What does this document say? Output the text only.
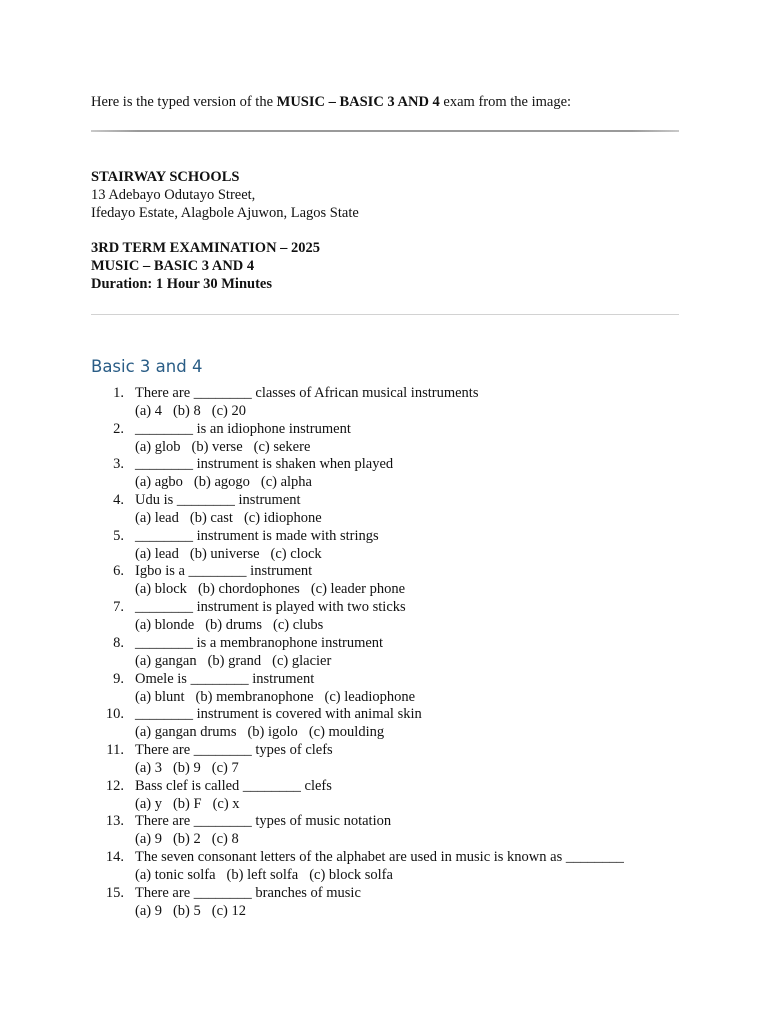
Here is the typed version of the MUSIC – BASIC 3 AND 4 exam from the image:
STAIRWAY SCHOOLS
13 Adebayo Odutayo Street,
Ifedayo Estate, Alagbole Ajuwon, Lagos State
3RD TERM EXAMINATION – 2025
MUSIC – BASIC 3 AND 4
Duration: 1 Hour 30 Minutes
Basic 3 and 4
1. There are ________ classes of African musical instruments
(a) 4 (b) 8 (c) 20
2. ________ is an idiophone instrument
(a) glob (b) verse (c) sekere
3. ________ instrument is shaken when played
(a) agbo (b) agogo (c) alpha
4. Udu is ________ instrument
(a) lead (b) cast (c) idiophone
5. ________ instrument is made with strings
(a) lead (b) universe (c) clock
6. Igbo is a ________ instrument
(a) block (b) chordophones (c) leader phone
7. ________ instrument is played with two sticks
(a) blonde (b) drums (c) clubs
8. ________ is a membranophone instrument
(a) gangan (b) grand (c) glacier
9. Omele is ________ instrument
(a) blunt (b) membranophone (c) leadiophone
10. ________ instrument is covered with animal skin
(a) gangan drums (b) igolo (c) moulding
11. There are ________ types of clefs
(a) 3 (b) 9 (c) 7
12. Bass clef is called ________ clefs
(a) y (b) F (c) x
13. There are ________ types of music notation
(a) 9 (b) 2 (c) 8
14. The seven consonant letters of the alphabet are used in music is known as ________
(a) tonic solfa (b) left solfa (c) block solfa
15. There are ________ branches of music
(a) 9 (b) 5 (c) 12
